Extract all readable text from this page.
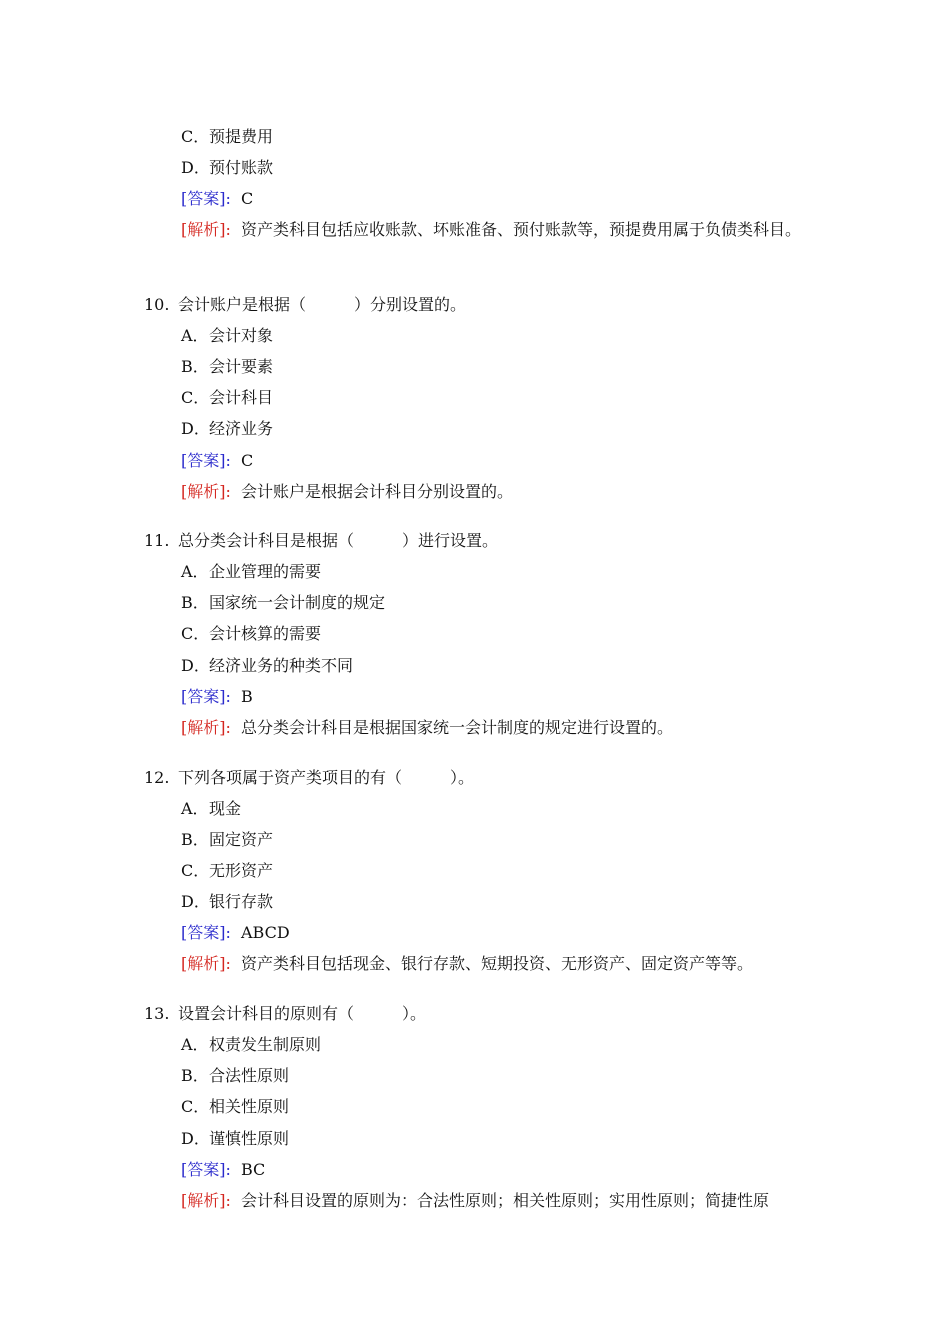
C．预提费用
D．预付账款
[答案]: C
[解析]: 资产类科目包括应收账款、坏账准备、预付账款等，预提费用属于负债类科目。
10. 会计账户是根据（　　　）分别设置的。
A．会计对象
B．会计要素
C．会计科目
D．经济业务
[答案]: C
[解析]: 会计账户是根据会计科目分别设置的。
11. 总分类会计科目是根据（　　　）进行设置。
A．企业管理的需要
B．国家统一会计制度的规定
C．会计核算的需要
D．经济业务的种类不同
[答案]: B
[解析]: 总分类会计科目是根据国家统一会计制度的规定进行设置的。
12. 下列各项属于资产类项目的有（　　　）。
A．现金
B．固定资产
C．无形资产
D．银行存款
[答案]: ABCD
[解析]: 资产类科目包括现金、银行存款、短期投资、无形资产、固定资产等等。
13. 设置会计科目的原则有（　　　）。
A．权责发生制原则
B．合法性原则
C．相关性原则
D．谨慎性原则
[答案]: BC
[解析]: 会计科目设置的原则为：合法性原则；相关性原则；实用性原则；简捷性原
